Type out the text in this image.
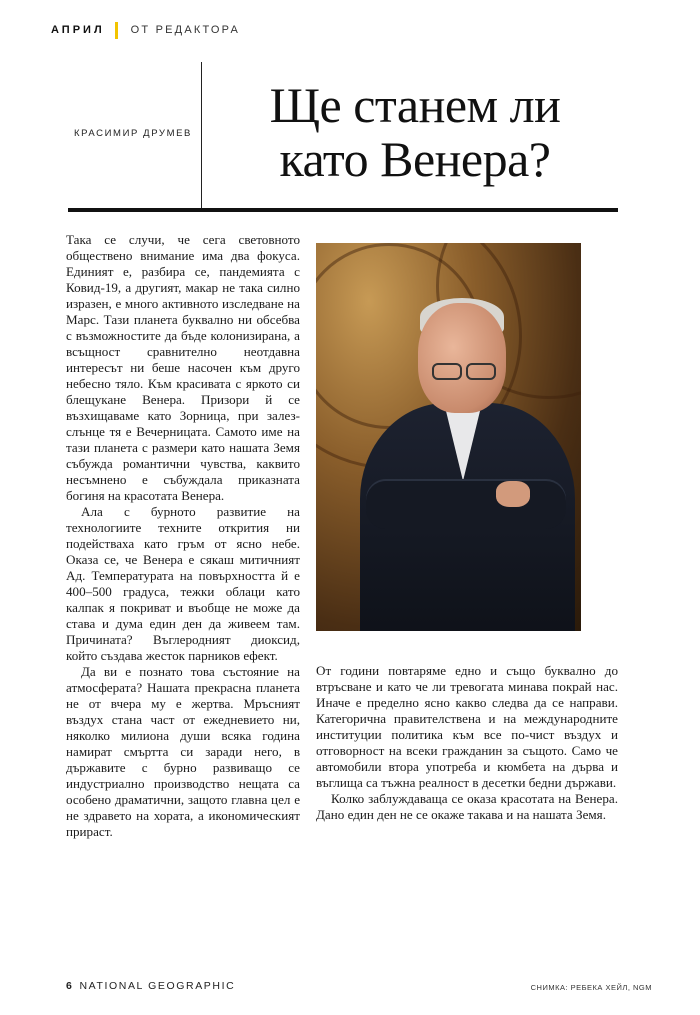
АПРИЛ ОТ РЕДАКТОРА
КРАСИМИР ДРУМЕВ
Ще станем ли
като Венера?

Така се случи, че сега световното обществено внимание има два фокуса. Единият е, разбира се, пандемията с Ковид-19, а другият, макар не така силно изразен, е много активното изследване на Марс. Тази планета буквално ни обсебва с възможностите да бъде колонизирана, а всъщност сравнително неотдавна интересът ни беше насочен към друго небесно тяло. Към красивата с яркото си блещукане Венера. Призори й се възхищаваме като Зорница, при залез-слънце тя е Вечерницата. Самото име на тази планета с размери като нашата Земя събужда романтични чувства, каквито несъмнено е събуждала приказната богиня на красотата Венера.

Ала с бурното развитие на технологиите техните открития ни подействаха като гръм от ясно небе. Оказа се, че Венера е сякаш митичният Ад. Температурата на повърхността й е 400–500 градуса, тежки облаци като калпак я покриват и въобще не може да става и дума един ден да живеем там. Причината? Въглеродният диоксид, който създава жесток парников ефект.

Да ви е познато това състояние на атмосферата? Нашата прекрасна планета не от вчера му е жертва. Мръсният въздух стана част от ежедневието ни, няколко милиона души всяка година намират смъртта си заради него, в държавите с бурно развиващо се индустриално производство нещата са особено драматични, защото главна цел е не здравето на хората, а икономическият прираст.

От години повтаряме едно и също буквално до втръсване и като че ли тревогата минава покрай нас. Иначе е пределно ясно какво следва да се направи. Категорична правителствена и на международните институции политика към все по-чист въздух и отговорност на всеки гражданин за същото. Само че автомобили втора употреба и кюмбета на дърва и въглища са тъжна реалност в десетки бедни държави.

Колко заблуждаваща се оказа красотата на Венера. Дано един ден не се окаже такава и на нашата Земя.

6 NATIONAL GEOGRAPHIC	СНИМКА: РЕБЕКА ХЕЙЛ, NGM
